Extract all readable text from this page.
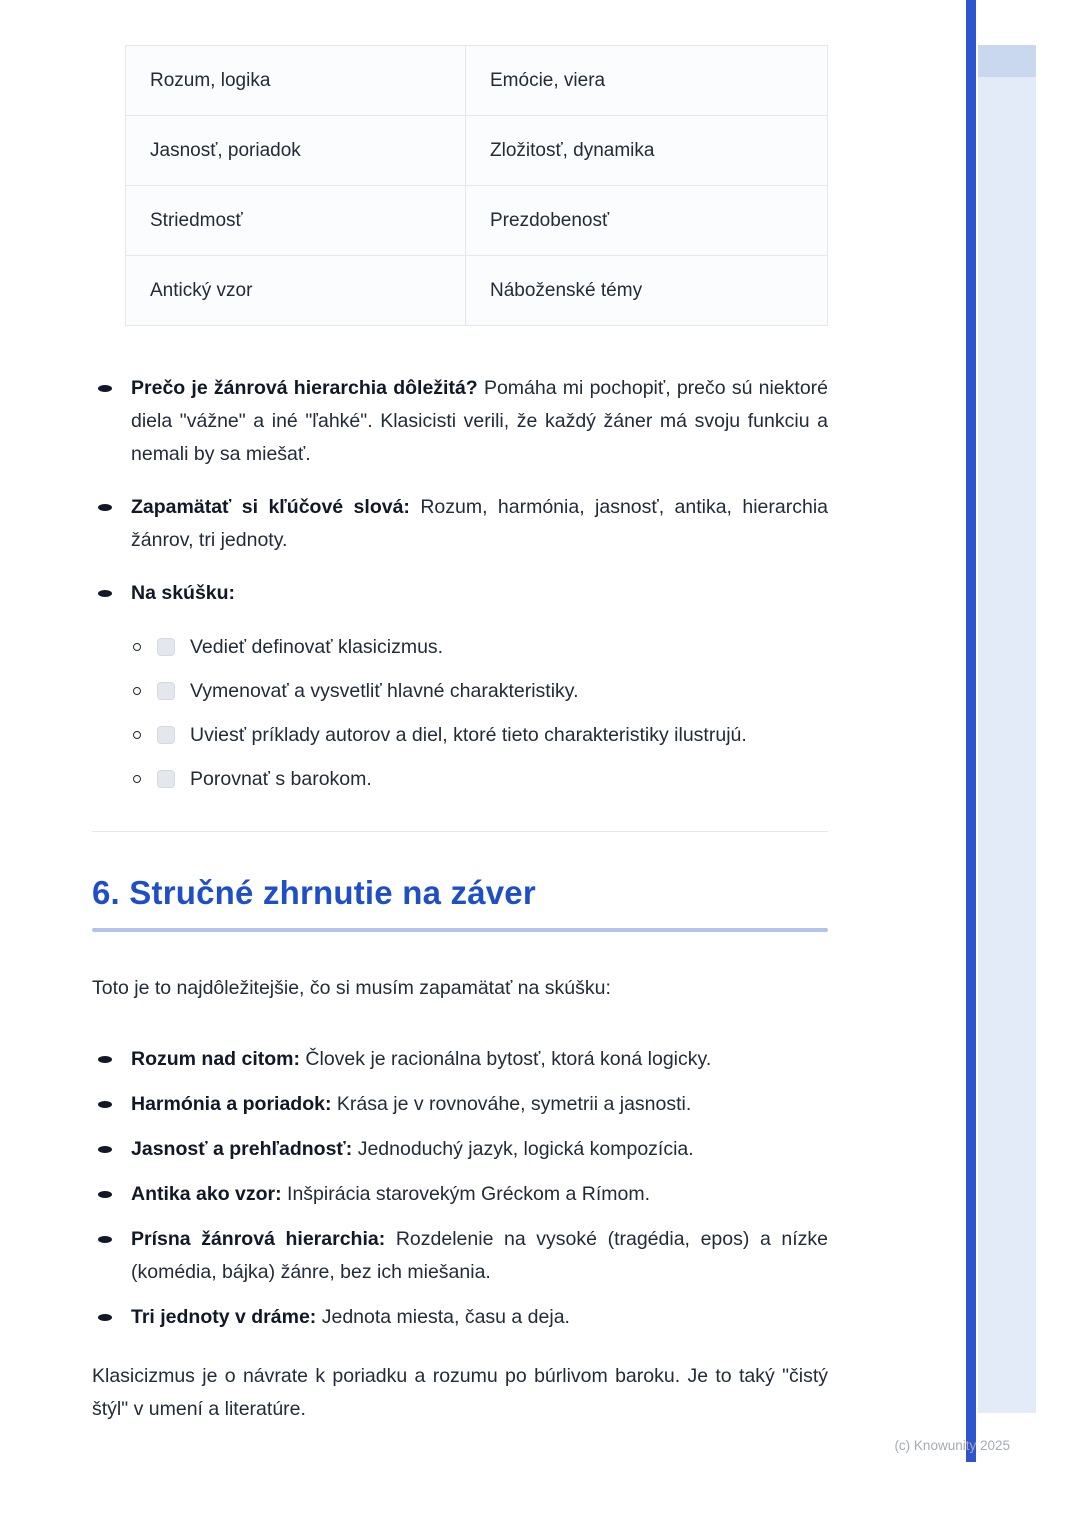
Rozum, logika	Emócie, viera
Jasnosť, poriadok	Zložitosť, dynamika
Striedmosť	Prezdobenosť
Antický vzor	Náboženské témy

Prečo je žánrová hierarchia dôležitá? Pomáha mi pochopiť, prečo sú niektoré diela "vážne" a iné "ľahké". Klasicisti verili, že každý žáner má svoju funkciu a nemali by sa miešať.

Zapamätať si kľúčové slová: Rozum, harmónia, jasnosť, antika, hierarchia žánrov, tri jednoty.

Na skúšku:

Vedieť definovať klasicizmus.
Vymenovať a vysvetliť hlavné charakteristiky.
Uviesť príklady autorov a diel, ktoré tieto charakteristiky ilustrujú.
Porovnať s barokom.
6. Stručné zhrnutie na záver

Toto je to najdôležitejšie, čo si musím zapamätať na skúšku:

Rozum nad citom: Človek je racionálna bytosť, ktorá koná logicky.

Harmónia a poriadok: Krása je v rovnováhe, symetrii a jasnosti.

Jasnosť a prehľadnosť: Jednoduchý jazyk, logická kompozícia.

Antika ako vzor: Inšpirácia starovekým Gréckom a Rímom.

Prísna žánrová hierarchia: Rozdelenie na vysoké (tragédia, epos) a nízke (komédia, bájka) žánre, bez ich miešania.

Tri jednoty v dráme: Jednota miesta, času a deja.

Klasicizmus je o návrate k poriadku a rozumu po búrlivom baroku. Je to taký "čistý štýl" v umení a literatúre.

(c) Knowunity 2025
